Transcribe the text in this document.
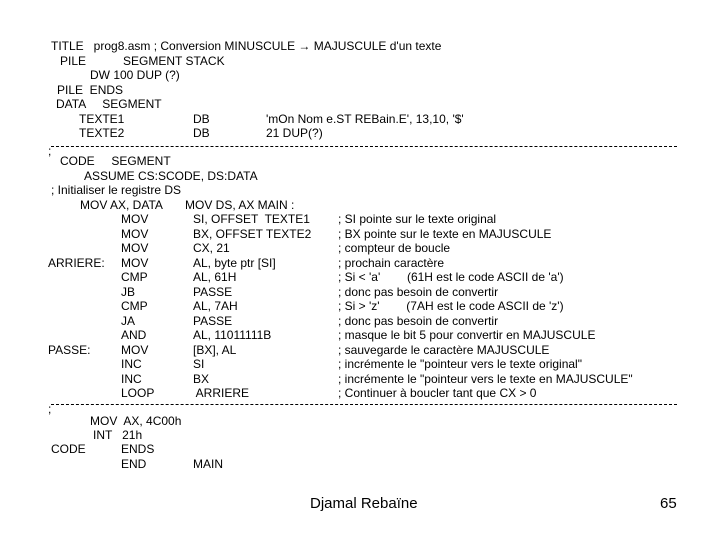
TITLE   prog8.asm ; Conversion MINUSCULE → MAJUSCULE d'un texte
PILE	SEGMENT STACK
DW 100 DUP (?)
PILE  ENDS
DATA     SEGMENT
TEXTE1	DB	'mOn Nom e.ST REBain.E', 13,10, '$'
TEXTE2	DB	21 DUP(?)
;
CODE     SEGMENT
ASSUME CS:SCODE, DS:DATA
; Initialiser le registre DS
MOV AX, DATA MOV DS, AX MAIN :
MOV	SI, OFFSET  TEXTE1 ; SI pointe sur le texte original
MOV	BX, OFFSET TEXTE2 ; BX pointe sur le texte en MAJUSCULE
MOV	CX, 21	; compteur de boucle
ARRIERE: MOV	AL, byte ptr [SI]	; prochain caractère
CMP	AL, 61H	; Si < 'a'        (61H est le code ASCII de 'a')
JB	PASSE	; donc pas besoin de convertir
CMP	AL, 7AH	; Si > 'z'        (7AH est le code ASCII de 'z')
JA	PASSE	; donc pas besoin de convertir
AND	AL, 11011111B	; masque le bit 5 pour convertir en MAJUSCULE
PASSE:	MOV	[BX], AL	; sauvegarde le caractère MAJUSCULE
INC	SI	; incrémente le "pointeur vers le texte original"
INC	BX	; incrémente le "pointeur vers le texte en MAJUSCULE"
LOOP	ARRIERE	; Continuer à boucler tant que CX > 0
;
MOV  AX, 4C00h
INT   21h
CODE	ENDS
END	MAIN
Djamal Rebaïne	65
